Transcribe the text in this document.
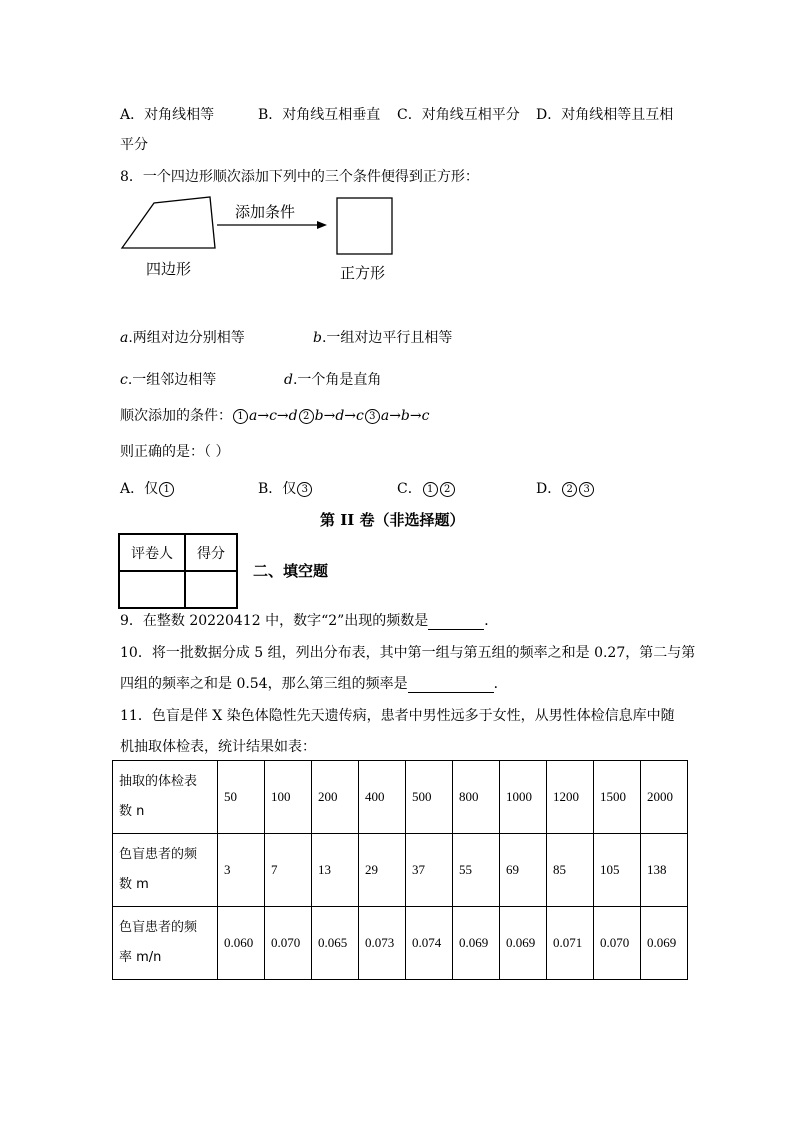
A．对角线相等	B．对角线互相垂直 C．对角线互相平分 D．对角线相等且互相
平分
8．一个四边形顺次添加下列中的三个条件便得到正方形：
添加条件
四边形	正方形
a.两组对边分别相等	b.一组对边平行且相等
c.一组邻边相等	d.一个角是直角
顺次添加的条件： 1 a→c→d 2 b→d→c 3 a→b→c
则正确的是：（ ）
A．仅 1	B．仅 3	C． 1 2	D． 2 3
第 II 卷（非选择题）
评卷人	得分

二、填空题
9．在整数 20220412 中，数字“2”出现的频数是	．
10．将一批数据分成 5 组，列出分布表，其中第一组与第五组的频率之和是 0.27，第二与第
四组的频率之和是 0.54，那么第三组的频率是	．
11．色盲是伴 X 染色体隐性先天遗传病，患者中男性远多于女性，从男性体检信息库中随
机抽取体检表，统计结果如表：
抽取的体检表
数 n	50	100	200	400	500	800	1000	1200	1500	2000

色盲患者的频
数 m	3	7	13	29	37	55	69	85	105	138

色盲患者的频
率 m/n	0.060	0.070	0.065	0.073	0.074	0.069	0.069	0.071	0.070	0.069
